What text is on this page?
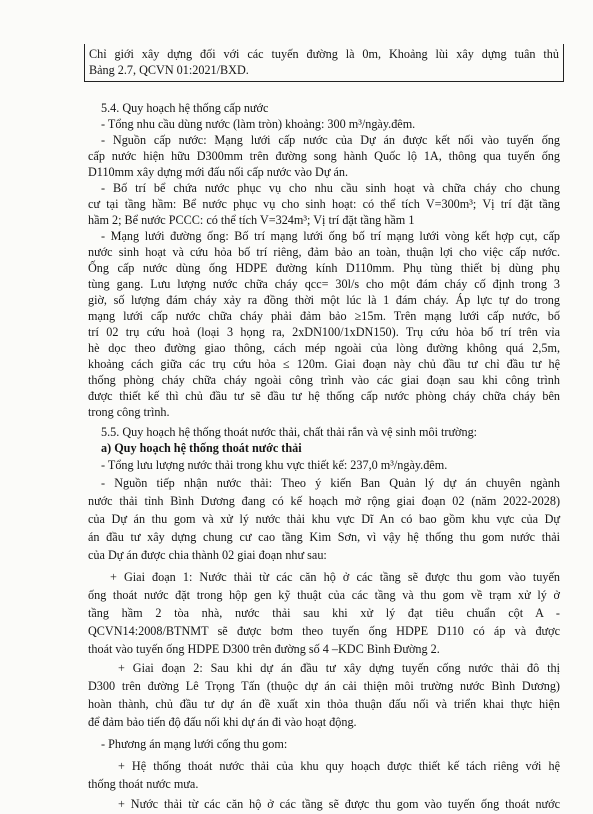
Chỉ giới xây dựng đối với các tuyến đường là 0m, Khoảng lùi xây dựng tuân thủ
Bảng 2.7, QCVN 01:2021/BXD.
5.4. Quy hoạch hệ thống cấp nước
- Tổng nhu cầu dùng nước (làm tròn) khoảng: 300 m³/ngày.đêm.
- Nguồn cấp nước: Mạng lưới cấp nước của Dự án được kết nối vào tuyến ống
cấp nước hiện hữu D300mm trên đường song hành Quốc lộ 1A, thông qua tuyến ống
D110mm xây dựng mới đấu nối cấp nước vào Dự án.
- Bố trí bể chứa nước phục vụ cho nhu cầu sinh hoạt và chữa cháy cho chung
cư tại tầng hầm: Bể nước phục vụ cho sinh hoạt: có thể tích V=300m³; Vị trí đặt tầng
hầm 2; Bể nước PCCC: có thể tích V=324m³; Vị trí đặt tầng hầm 1
- Mạng lưới đường ống: Bố trí mạng lưới ống bố trí mạng lưới vòng kết hợp cụt, cấp
nước sinh hoạt và cứu hỏa bố trí riêng, đảm bảo an toàn, thuận lợi cho việc cấp nước.
Ống cấp nước dùng ống HDPE đường kính D110mm. Phụ tùng thiết bị dùng phụ
tùng gang. Lưu lượng nước chữa cháy qcc= 30l/s cho một đám cháy cố định trong 3
giờ, số lượng đám cháy xảy ra đồng thời một lúc là 1 đám cháy. Áp lực tự do trong
mạng lưới cấp nước chữa cháy phải đảm bảo ≥15m. Trên mạng lưới cấp nước, bố
trí 02 trụ cứu hoả (loại 3 họng ra, 2xDN100/1xDN150). Trụ cứu hỏa bố trí trên vỉa
hè dọc theo đường giao thông, cách mép ngoài của lòng đường không quá 2,5m,
khoảng cách giữa các trụ cứu hỏa ≤ 120m. Giai đoạn này chủ đầu tư chỉ đầu tư hệ
thống phòng cháy chữa cháy ngoài công trình vào các giai đoạn sau khi công trình
được thiết kế thì chủ đầu tư sẽ đầu tư hệ thống cấp nước phòng cháy chữa cháy bên
trong công trình.
5.5. Quy hoạch hệ thống thoát nước thải, chất thải rắn và vệ sinh môi trường:
a) Quy hoạch hệ thống thoát nước thải
- Tổng lưu lượng nước thải trong khu vực thiết kế: 237,0 m³/ngày.đêm.
- Nguồn tiếp nhận nước thải: Theo ý kiến Ban Quản lý dự án chuyên ngành
nước thải tỉnh Bình Dương đang có kế hoạch mở rộng giai đoạn 02 (năm 2022-2028)
của Dự án thu gom và xử lý nước thải khu vực Dĩ An có bao gồm khu vực của Dự
án đầu tư xây dựng chung cư cao tầng Kim Sơn, vì vậy hệ thống thu gom nước thải
của Dự án được chia thành 02 giai đoạn như sau:
+ Giai đoạn 1: Nước thải từ các căn hộ ở các tầng sẽ được thu gom vào tuyến
ống thoát nước đặt trong hộp gen kỹ thuật của các tầng và thu gom về trạm xử lý ở
tầng hầm 2 tòa nhà, nước thải sau khi xử lý đạt tiêu chuẩn cột A -
QCVN14:2008/BTNMT sẽ được bơm theo tuyến ống HDPE D110 có áp và được
thoát vào tuyến ống HDPE D300 trên đường số 4 –KDC Bình Đường 2.
+ Giai đoạn 2: Sau khi dự án đầu tư xây dựng tuyến cống nước thải đô thị
D300 trên đường Lê Trọng Tấn (thuộc dự án cải thiện môi trường nước Bình Dương)
hoàn thành, chủ đầu tư dự án đề xuất xin thỏa thuận đấu nối và triển khai thực hiện
để đảm bảo tiến độ đấu nối khi dự án đi vào hoạt động.
- Phương án mạng lưới cống thu gom:
+ Hệ thống thoát nước thải của khu quy hoạch được thiết kế tách riêng với hệ
thống thoát nước mưa.
+ Nước thải từ các căn hộ ở các tầng sẽ được thu gom vào tuyến ống thoát nước
